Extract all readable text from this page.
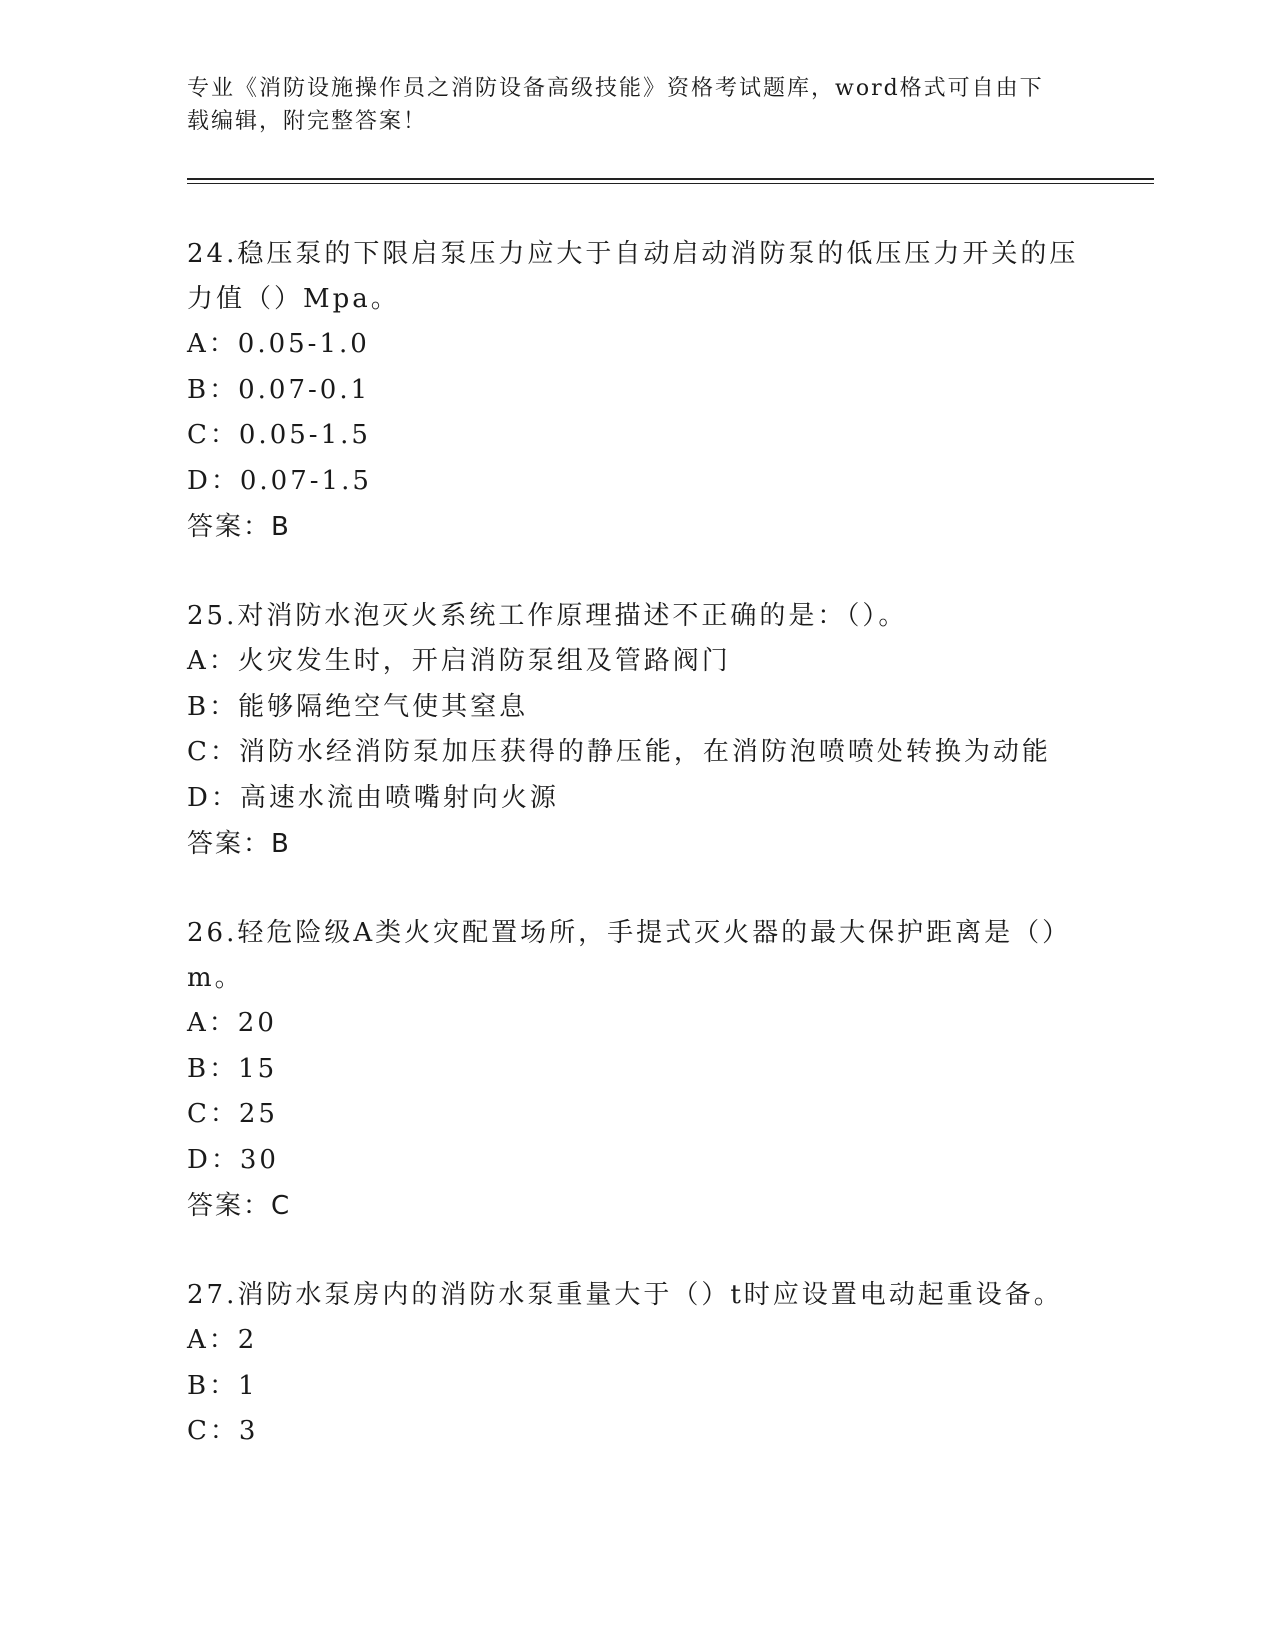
专业《消防设施操作员之消防设备高级技能》资格考试题库，word格式可自由下载编辑，附完整答案！
24.稳压泵的下限启泵压力应大于自动启动消防泵的低压压力开关的压力值（）Mpa。
A：0.05-1.0
B：0.07-0.1
C：0.05-1.5
D：0.07-1.5
答案：B
25.对消防水泡灭火系统工作原理描述不正确的是：（）。
A：火灾发生时，开启消防泵组及管路阀门
B：能够隔绝空气使其窒息
C：消防水经消防泵加压获得的静压能，在消防泡喷喷处转换为动能
D：高速水流由喷嘴射向火源
答案：B
26.轻危险级A类火灾配置场所，手提式灭火器的最大保护距离是（）m。
A：20
B：15
C：25
D：30
答案：C
27.消防水泵房内的消防水泵重量大于（）t时应设置电动起重设备。
A：2
B：1
C：3
